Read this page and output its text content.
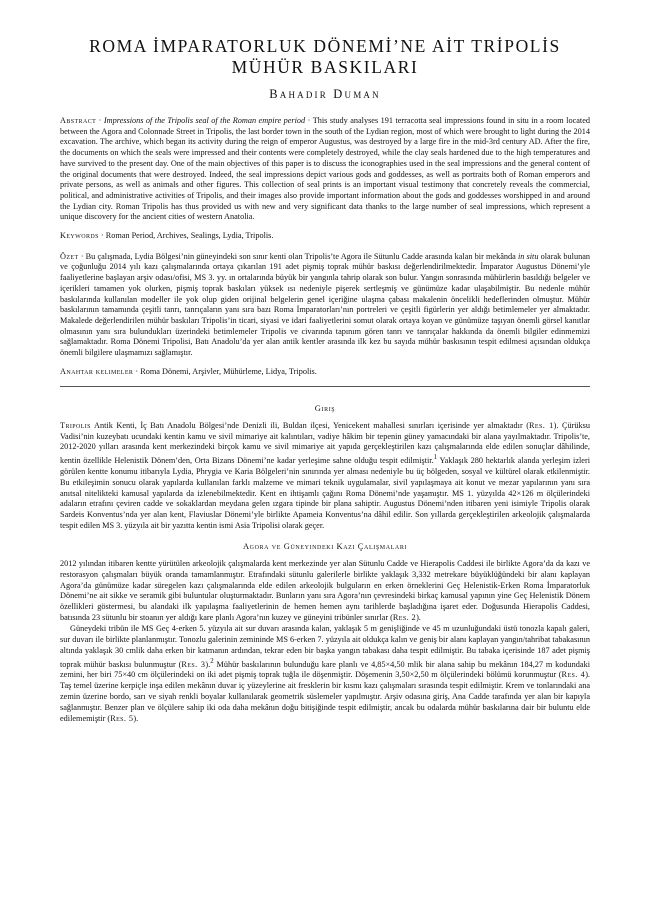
ROMA İMPARATORLUK DÖNEMİ’NE AİT TRİPOLİS
MÜHÜR BASKILARI
Bahadır Duman

Abstract · Impressions of the Tripolis seal of the Roman empire period · This study analyses 191 terracotta seal impressions found in situ in a room located between the Agora and Colonnade Street in Tripolis, the last border town in the south of the Lydian region, most of which were brought to light during the 2014 excavation. The archive, which began its activity during the reign of emperor Augustus, was destroyed by a large fire in the mid-3rd century AD. After the fire, the documents on which the seals were impressed and their contents were completely destroyed, while the clay seals hardened due to the high temperatures and have survived to the present day. One of the main objectives of this paper is to discuss the iconographies used in the seal impressions and the general content of the original documents that were destroyed. Indeed, the seal impressions depict various gods and goddesses, as well as portraits both of Roman emperors and private persons, as well as animals and other figures. This collection of seal prints is an important visual testimony that concretely reveals the commercial, political, and administrative activities of Tripolis, and their images also provide important information about the gods and goddesses worshipped in and around the Lydian city. Roman Tripolis has thus provided us with new and very significant data thanks to the large number of seal impressions, which represent a unique discovery for the ancient cities of western Anatolia.

Keywords · Roman Period, Archives, Sealings, Lydia, Tripolis.

Özet · Bu çalışmada, Lydia Bölgesi’nin güneyindeki son sınır kenti olan Tripolis’te Agora ile Sütunlu Cadde arasında kalan bir mekânda in situ olarak bulunan ve çoğunluğu 2014 yılı kazı çalışmalarında ortaya çıkarılan 191 adet pişmiş toprak mühür baskısı değerlendirilmektedir. İmparator Augustus Dönemi’yle faaliyetlerine başlayan arşiv odası/ofisi, MS 3. yy. ın ortalarında büyük bir yangınla tahrip olarak son bulur. Yangın sonrasında mühürlerin basıldığı belgeler ve içerikleri tamamen yok olurken, pişmiş toprak baskıları yüksek ısı nedeniyle pişerek sertleşmiş ve günümüze kadar ulaşabilmiştir. Bu nedenle mühür baskılarında kullanılan modeller ile yok olup giden orijinal belgelerin genel içeriğine ulaşma çabası makalenin öncelikli hedeflerinden olmuştur. Mühür baskılarının tamamında çeşitli tanrı, tanrıçaların yanı sıra bazı Roma İmparatorları’nın portreleri ve çeşitli figürlerin yer aldığı betimlemeler yer almaktadır. Makalede değerlendirilen mühür baskıları Tripolis’in ticari, siyasi ve idari faaliyetlerini somut olarak ortaya koyan ve günümüze taşıyan önemli görsel kanıtlar olmasının yanı sıra bulundukları üzerindeki betimlemeler Tripolis ve civarında tapınım gören tanrı ve tanrıçalar hakkında da önemli bilgiler edinmemizi sağlamaktadır. Roma Dönemi Tripolisi, Batı Anadolu’da yer alan antik kentler arasında ilk kez bu sayıda mühür baskısının tespit edilmesi açısından oldukça önemli bilgilere ulaşmamızı sağlamıştır.

Anahtar kelimeler · Roma Dönemi, Arşivler, Mühürleme, Lidya, Tripolis.

Giriş

Tripolis Antik Kenti, İç Batı Anadolu Bölgesi’nde Denizli ili, Buldan ilçesi, Yenicekent mahallesi sınırları içerisinde yer almaktadır (Res. 1). Çürüksu Vadisi’nin kuzeybatı ucundaki kentin kamu ve sivil mimariye ait kalıntıları, vadiye hâkim bir tepenin güney yamacındaki bir alana yayılmaktadır. Tripolis’te, 2012-2020 yılları arasında kent merkezindeki birçok kamu ve sivil mimariye ait yapıda gerçekleştirilen kazı çalışmalarında elde edilen sonuçlar dâhilinde, kentin özellikle Helenistik Dönem’den, Orta Bizans Dönemi’ne kadar yerleşime sahne olduğu tespit edilmiştir.$^1$ Yaklaşık 280 hektarlık alanda yerleşim izleri görülen kentte konumu itibarıyla Lydia, Phrygia ve Karia Bölgeleri’nin sınırında yer alması nedeniyle bu üç bölgeden, sosyal ve kültürel olarak etkilenmiştir. Bu etkileşimin sonucu olarak yapılarda kullanılan farklı malzeme ve mimari teknik uygulamalar, sivil yapılaşmaya ait konut ve mezar yapılarının yanı sıra anıtsal nitelikteki kamusal yapılarda da izlenebilmektedir. Kent en ihtişamlı çağını Roma Dönemi’nde yaşamıştır. MS 1. yüzyılda 42×126 m ölçülerindeki adaların etrafını çeviren cadde ve sokaklardan meydana gelen ızgara tipinde bir plana sahiptir. Augustus Dönemi’nden itibaren yeni isimiyle Tripolis olarak Sardeis Konventus’nda yer alan kent, Flaviuslar Dönemi’yle birlikte Apameia Konventus’na dâhil edilir. Son yıllarda gerçekleştirilen arkeolojik çalışmalarda tespit edilen MS 3. yüzyıla ait bir yazıtta kentin ismi Asia Tripolisi olarak geçer.

Agora ve Güneyindeki Kazı Çalışmaları

2012 yılından itibaren kentte yürütülen arkeolojik çalışmalarda kent merkezinde yer alan Sütunlu Cadde ve Hierapolis Caddesi ile birlikte Agora’da da kazı ve restorasyon çalışmaları büyük oranda tamamlanmıştır. Etrafındaki sütunlu galerilerle birlikte yaklaşık 3,332 metrekare büyüklüğündeki bir alanı kaplayan Agora’da günümüze kadar süregelen kazı çalışmalarında elde edilen arkeolojik bulguların en erken örneklerini Geç Helenistik-Erken Roma İmparatorluk Dönemi’ne ait sikke ve seramik gibi buluntular oluşturmaktadır. Bunların yanı sıra Agora’nın çevresindeki birkaç kamusal yapının yine Geç Helenistik Dönem özellikleri göstermesi, bu alandaki ilk yapılaşma faaliyetlerinin de hemen hemen aynı tarihlerde başladığına işaret eder. Doğusunda Hierapolis Caddesi, batısında 23 sütunlu bir stoanın yer aldığı kare planlı Agora’nın kuzey ve güneyini tribünler sınırlar (Res. 2).

Güneydeki tribün ile MS Geç 4-erken 5. yüzyıla ait sur duvarı arasında kalan, yaklaşık 5 m genişliğinde ve 45 m uzunluğundaki üstü tonozla kapalı galeri, sur duvarı ile birlikte planlanmıştır. Tonozlu galerinin zemininde MS 6-erken 7. yüzyıla ait oldukça kalın ve geniş bir alanı kaplayan yangın/tahribat tabakasının altında yaklaşık 30 cmlik daha erken bir katmanın ardından, tekrar eden bir başka yangın tabakası daha tespit edilmiştir. Bu tabaka içerisinde 187 adet pişmiş toprak mühür baskısı bulunmuştur (Res. 3).$^2$ Mühür baskılarının bulunduğu kare planlı ve 4,85×4,50 mlik bir alana sahip bu mekânın 184,27 m kodundaki zemini, her biri 75×40 cm ölçülerindeki on iki adet pişmiş toprak tuğla ile döşenmiştir. Döşemenin 3,50×2,50 m ölçülerindeki bölümü korunmuştur (Res. 4). Taş temel üzerine kerpiçle inşa edilen mekânın duvar iç yüzeylerine ait fresklerin bir kısmı kazı çalışmaları sırasında tespit edilmiştir. Krem ve tonlarındaki ana zemin üzerine bordo, sarı ve siyah renkli boyalar kullanılarak geometrik süslemeler yapılmıştır. Arşiv odasına giriş, Ana Cadde tarafında yer alan bir kapıyla sağlanmıştır. Benzer plan ve ölçülere sahip iki oda daha mekânın doğu bitişiğinde tespit edilmiştir, ancak bu odalarda mühür baskılarına dair bir buluntu elde edilememiştir (Res. 5).
